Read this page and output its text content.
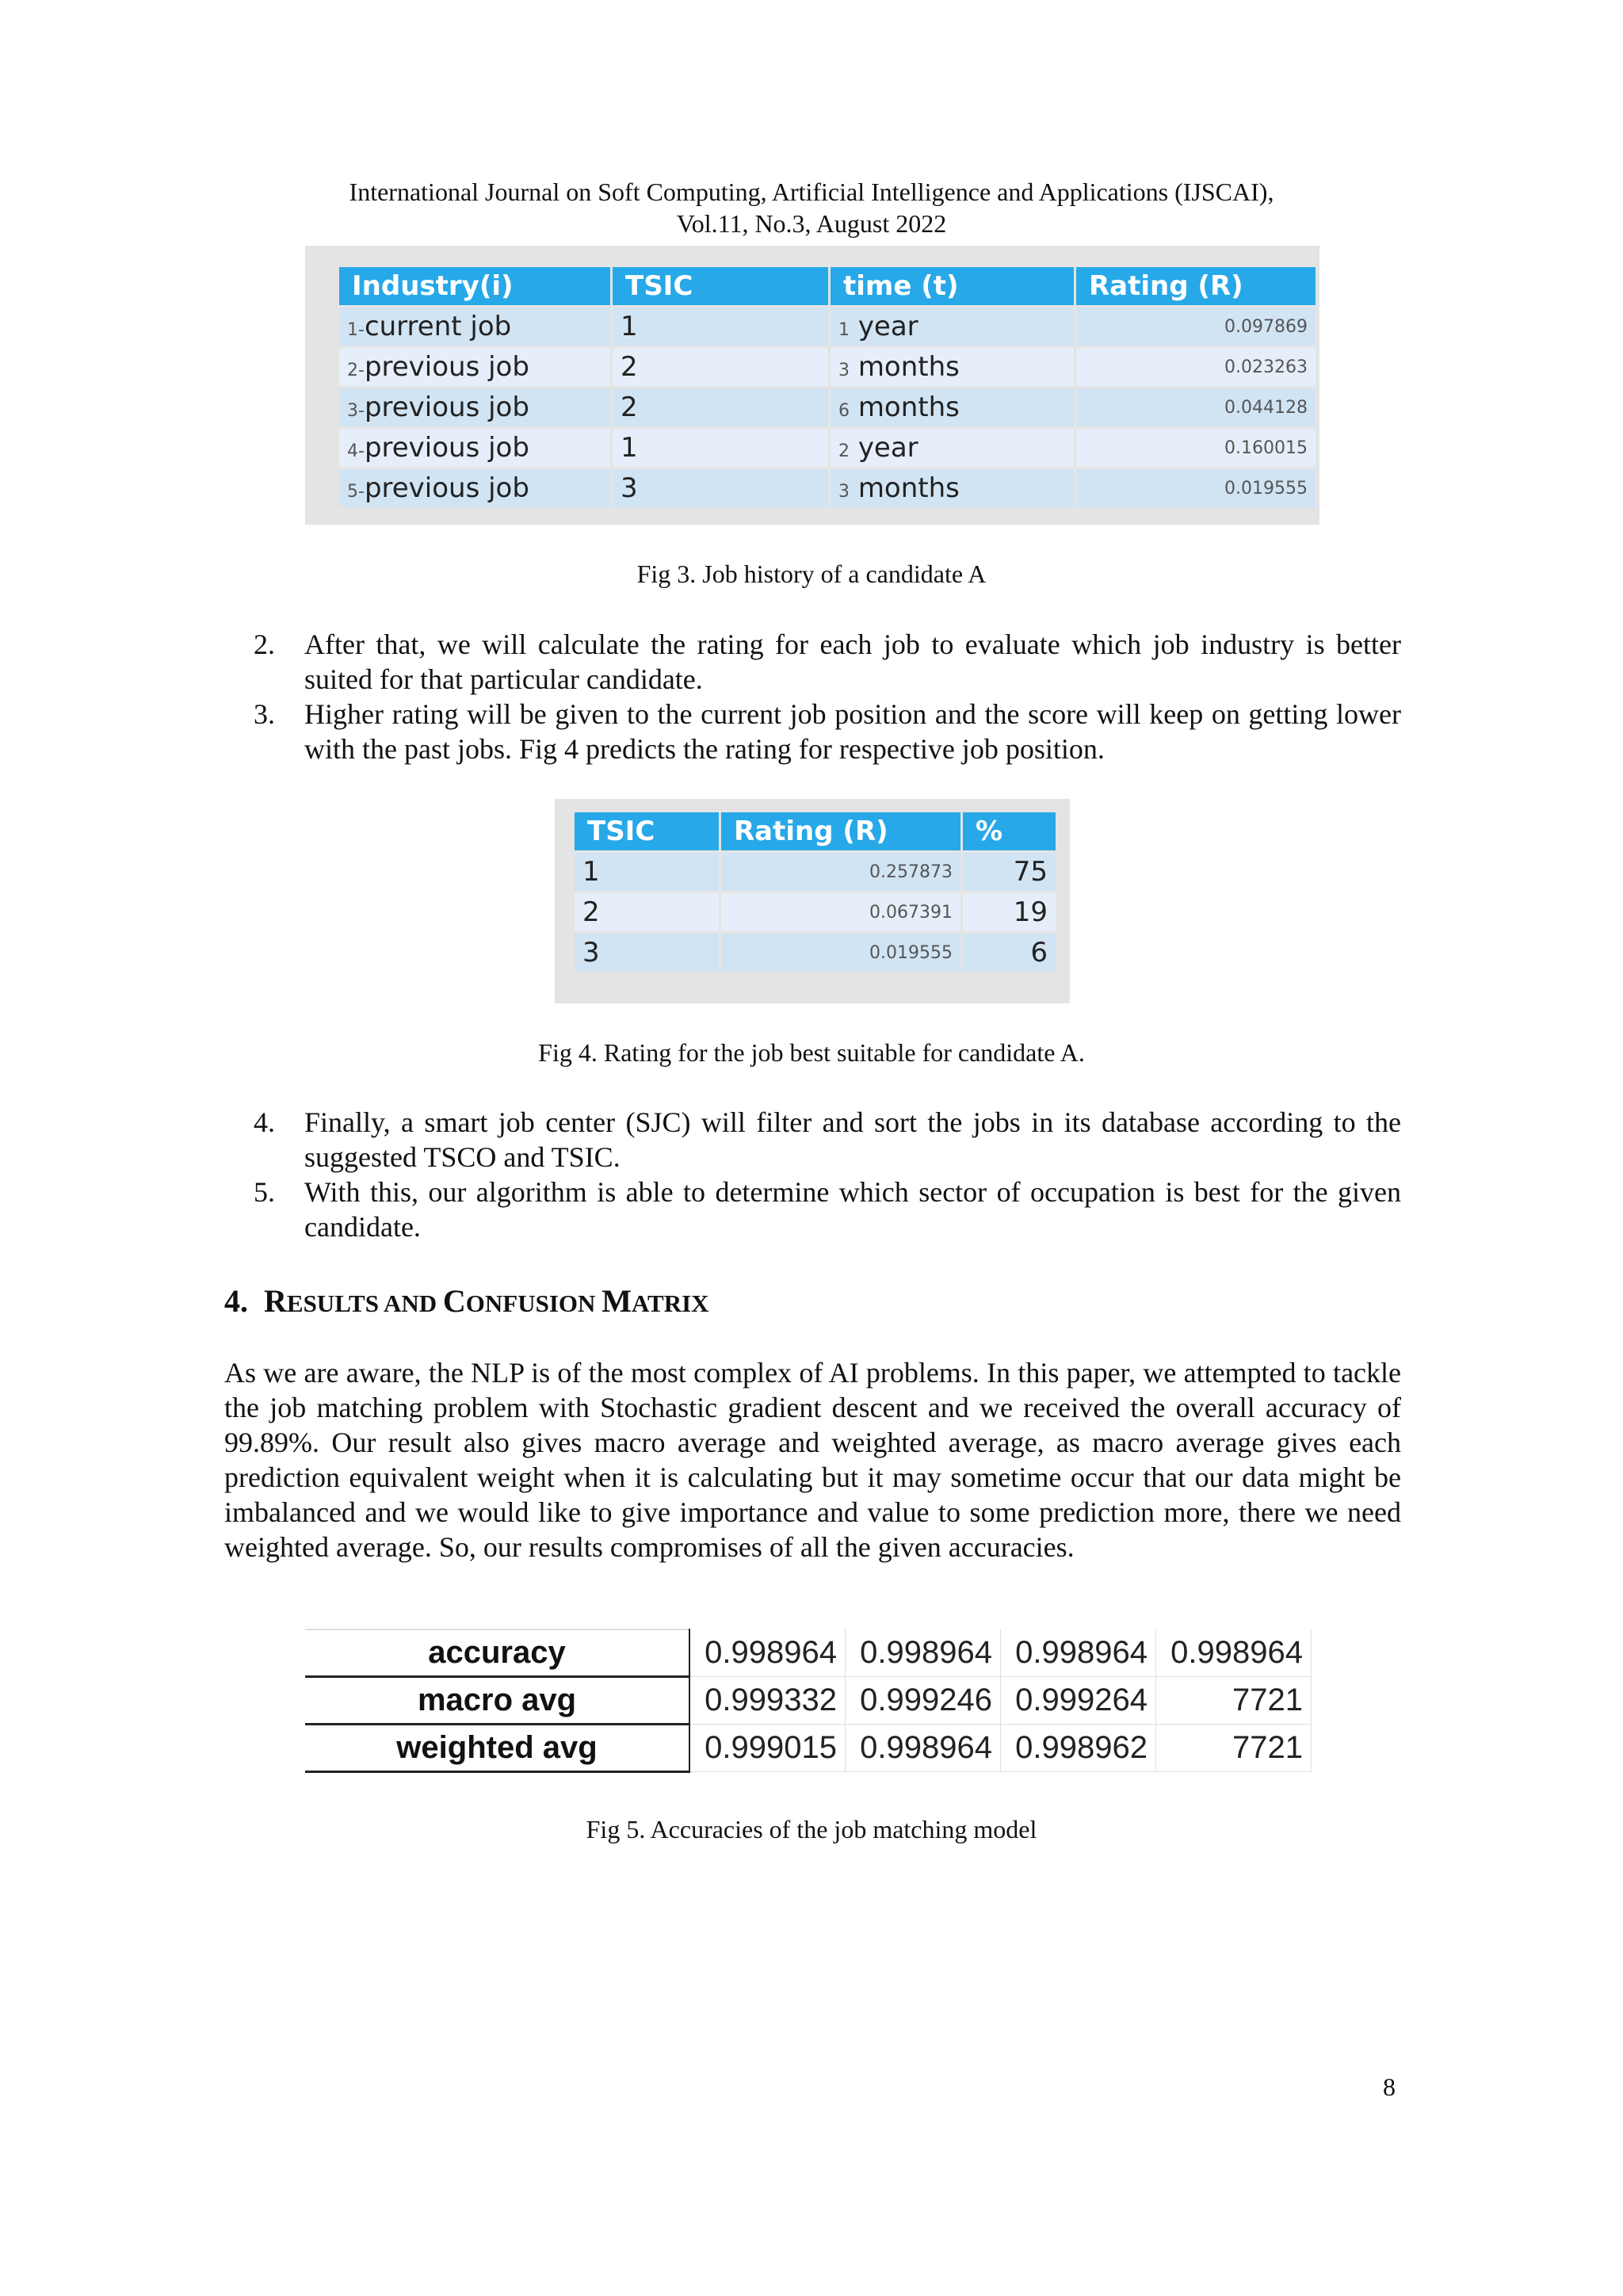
International Journal on Soft Computing, Artificial Intelligence and Applications (IJSCAI),
Vol.11, No.3, August 2022
Industry(i)	TSIC	time (t)	Rating (R)
1-current job	1	1 year	0.097869
2-previous job	2	3 months	0.023263
3-previous job	2	6 months	0.044128
4-previous job	1	2 year	0.160015
5-previous job	3	3 months	0.019555
Fig 3. Job history of a candidate A

2. After that, we will calculate the rating for each job to evaluate which job industry is better suited for that particular candidate.

3. Higher rating will be given to the current job position and the score will keep on getting lower with the past jobs. Fig 4 predicts the rating for respective job position.

TSIC	Rating (R)	%
1	0.257873	75
2	0.067391	19
3	0.019555	6
Fig 4. Rating for the job best suitable for candidate A.

4. Finally, a smart job center (SJC) will filter and sort the jobs in its database according to the suggested TSCO and TSIC.

5. With this, our algorithm is able to determine which sector of occupation is best for the given candidate.

4. RESULTS AND CONFUSION MATRIX
As we are aware, the NLP is of the most complex of AI problems. In this paper, we attempted to tackle the job matching problem with Stochastic gradient descent and we received the overall accuracy of 99.89%. Our result also gives macro average and weighted average, as macro average gives each prediction equivalent weight when it is calculating but it may sometime occur that our data might be imbalanced and we would like to give importance and value to some prediction more, there we need weighted average. So, our results compromises of all the given accuracies.
accuracy	0.998964	0.998964	0.998964	0.998964
macro avg	0.999332	0.999246	0.999264	7721
weighted avg	0.999015	0.998964	0.998962	7721
Fig 5. Accuracies of the job matching model
8
